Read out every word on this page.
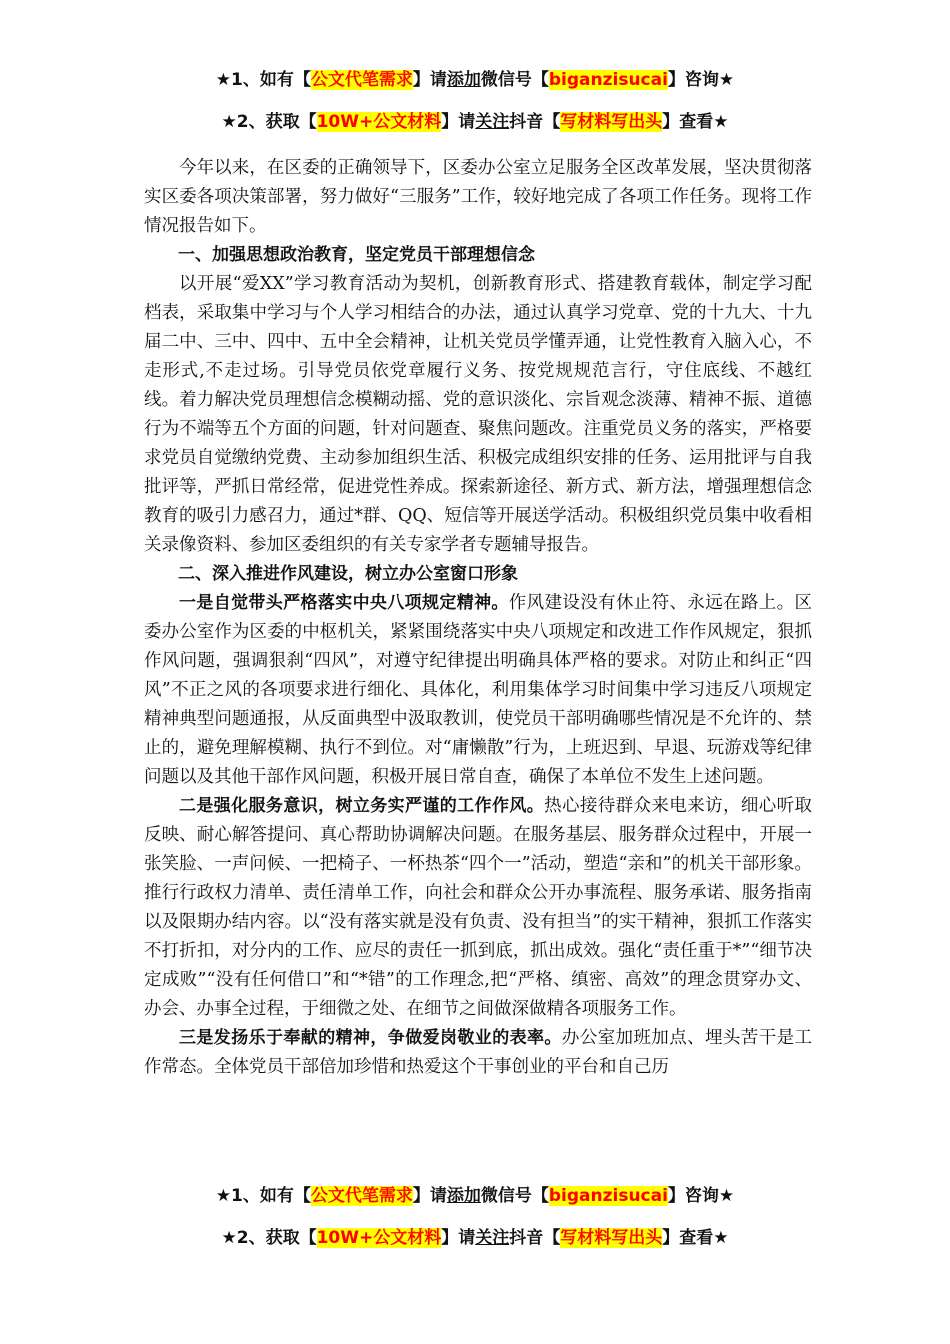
★1、如有【公文代笔需求】请添加微信号【biganzisucai】咨询★
★2、获取【10W+公文材料】请关注抖音【写材料写出头】查看★

今年以来，在区委的正确领导下，区委办公室立足服务全区改革发展，坚决贯彻落实区委各项决策部署，努力做好“三服务”工作，较好地完成了各项工作任务。现将工作情况报告如下。

一、加强思想政治教育，坚定党员干部理想信念

以开展“爱XX”学习教育活动为契机，创新教育形式、搭建教育载体，制定学习配档表，采取集中学习与个人学习相结合的办法，通过认真学习党章、党的十九大、十九届二中、三中、四中、五中全会精神，让机关党员学懂弄通，让党性教育入脑入心，不走形式,不走过场。引导党员依党章履行义务、按党规规范言行，守住底线、不越红线。着力解决党员理想信念模糊动摇、党的意识淡化、宗旨观念淡薄、精神不振、道德行为不端等五个方面的问题，针对问题查、聚焦问题改。注重党员义务的落实，严格要求党员自觉缴纳党费、主动参加组织生活、积极完成组织安排的任务、运用批评与自我批评等，严抓日常经常，促进党性养成。探索新途径、新方式、新方法，增强理想信念教育的吸引力感召力，通过*群、QQ、短信等开展送学活动。积极组织党员集中收看相关录像资料、参加区委组织的有关专家学者专题辅导报告。

二、深入推进作风建设，树立办公室窗口形象

一是自觉带头严格落实中央八项规定精神。作风建设没有休止符、永远在路上。区委办公室作为区委的中枢机关，紧紧围绕落实中央八项规定和改进工作作风规定，狠抓作风问题，强调狠刹“四风”，对遵守纪律提出明确具体严格的要求。对防止和纠正“四风”不正之风的各项要求进行细化、具体化，利用集体学习时间集中学习违反八项规定精神典型问题通报，从反面典型中汲取教训，使党员干部明确哪些情况是不允许的、禁止的，避免理解模糊、执行不到位。对“庸懒散”行为，上班迟到、早退、玩游戏等纪律问题以及其他干部作风问题，积极开展日常自查，确保了本单位不发生上述问题。

二是强化服务意识，树立务实严谨的工作作风。热心接待群众来电来访，细心听取反映、耐心解答提问、真心帮助协调解决问题。在服务基层、服务群众过程中，开展一张笑脸、一声问候、一把椅子、一杯热茶“四个一”活动，塑造“亲和”的机关干部形象。推行行政权力清单、责任清单工作，向社会和群众公开办事流程、服务承诺、服务指南以及限期办结内容。以“没有落实就是没有负责、没有担当”的实干精神，狠抓工作落实不打折扣，对分内的工作、应尽的责任一抓到底，抓出成效。强化“责任重于*”“细节决定成败”“没有任何借口”和“*错”的工作理念,把“严格、缜密、高效”的理念贯穿办文、办会、办事全过程，于细微之处、在细节之间做深做精各项服务工作。

三是发扬乐于奉献的精神，争做爱岗敬业的表率。办公室加班加点、埋头苦干是工作常态。全体党员干部倍加珍惜和热爱这个干事创业的平台和自己历

★1、如有【公文代笔需求】请添加微信号【biganzisucai】咨询★
★2、获取【10W+公文材料】请关注抖音【写材料写出头】查看★
